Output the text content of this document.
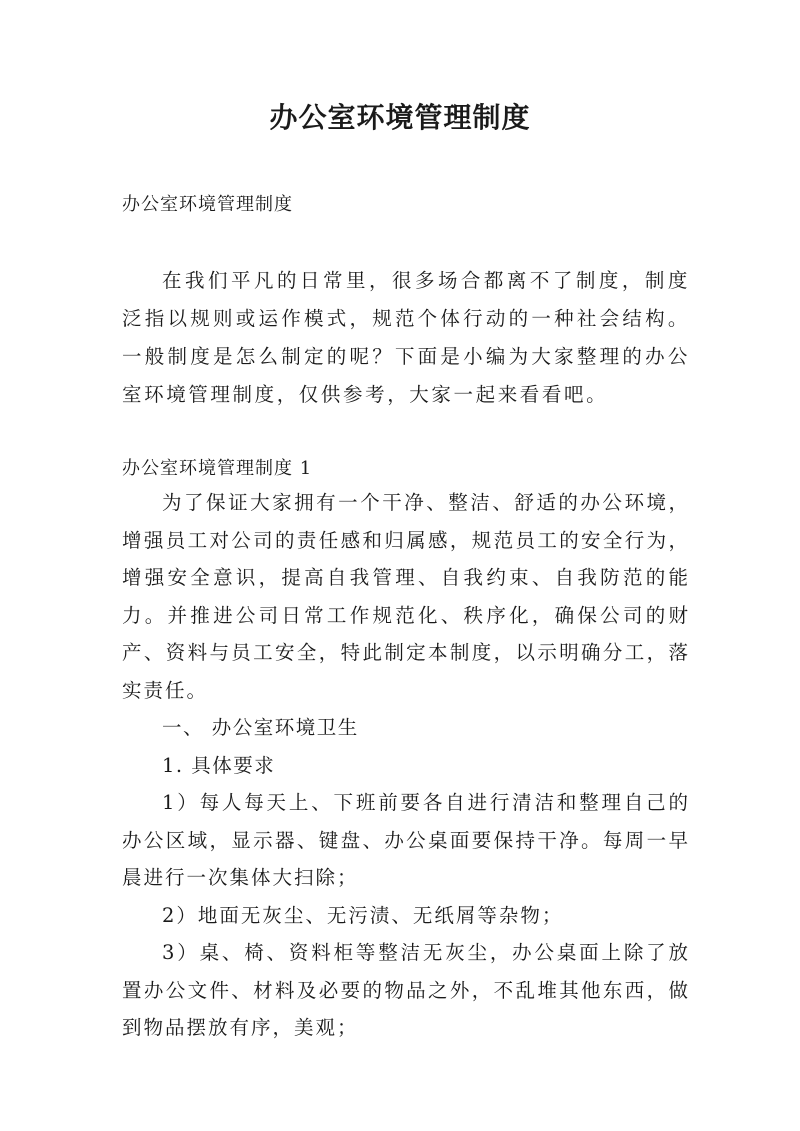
办公室环境管理制度
办公室环境管理制度

在我们平凡的日常里，很多场合都离不了制度，制度泛指以规则或运作模式，规范个体行动的一种社会结构。一般制度是怎么制定的呢？下面是小编为大家整理的办公室环境管理制度，仅供参考，大家一起来看看吧。

办公室环境管理制度 1

为了保证大家拥有一个干净、整洁、舒适的办公环境，增强员工对公司的责任感和归属感，规范员工的安全行为，增强安全意识，提高自我管理、自我约束、自我防范的能力。并推进公司日常工作规范化、秩序化，确保公司的财产、资料与员工安全，特此制定本制度，以示明确分工，落实责任。

一、 办公室环境卫生

1. 具体要求

1）每人每天上、下班前要各自进行清洁和整理自己的办公区域，显示器、键盘、办公桌面要保持干净。每周一早晨进行一次集体大扫除；

2）地面无灰尘、无污渍、无纸屑等杂物；

3）桌、椅、资料柜等整洁无灰尘，办公桌面上除了放置办公文件、材料及必要的物品之外，不乱堆其他东西，做到物品摆放有序，美观；
